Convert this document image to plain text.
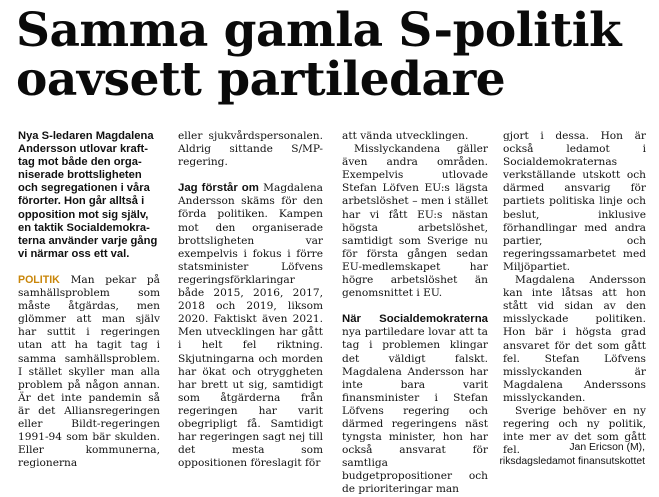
Samma gamla S-politik
oavsett partiledare

Nya S-ledaren Magdalena Andersson utlovar kraft-tag mot både den orga-niserade brottsligheten och segregationen i våra förorter. Hon går alltså i opposition mot sig själv, en taktik Socialdemokra-terna använder varje gång vi närmar oss ett val.

POLITIK Man pekar på samhällsproblem som måste åtgärdas, men glömmer att man själv har suttit i regeringen utan att ha tagit tag i samma samhällsproblem. I stället skyller man alla problem på någon annan. Är det inte pandemin så är det Alliansregeringen eller Bildt-regeringen 1991-94 som bär skulden. Eller kommunerna, regionerna

eller sjukvårdspersonalen. Aldrig sittande S/MP-regering.

Jag förstår om Magdalena Andersson skäms för den förda politiken. Kampen mot den organiserade brottsligheten var exempelvis i fokus i förre statsminister Löfvens regeringsförklaringar både 2015, 2016, 2017, 2018 och 2019, liksom 2020. Faktiskt även 2021. Men utvecklingen har gått i helt fel riktning. Skjutningarna och morden har ökat och otryggheten har brett ut sig, samtidigt som åtgärderna från regeringen har varit obegripligt få. Samtidigt har regeringen sagt nej till det mesta som oppositionen föreslagit för

att vända utvecklingen.

Misslyckandena gäller även andra områden. Exempelvis utlovade Stefan Löfven EU:s lägsta arbetslöshet – men i stället har vi fått EU:s nästan högsta arbetslöshet, samtidigt som Sverige nu för första gången sedan EU-medlemskapet har högre arbetslöshet än genomsnittet i EU.

När Socialdemokraterna nya partiledare lovar att ta tag i problemen klingar det väldigt falskt. Magdalena Andersson har inte bara varit finansminister i Stefan Löfvens regering och därmed regeringens näst tyngsta minister, hon har också ansvarat för samtliga budgetpropositioner och de prioriteringar man

gjort i dessa. Hon är också ledamot i Socialdemokraternas verkställande utskott och därmed ansvarig för partiets politiska linje och beslut, inklusive förhandlingar med andra partier, och regeringssamarbetet med Miljöpartiet.

Magdalena Andersson kan inte låtsas att hon stått vid sidan av den misslyckade politiken. Hon bär i högsta grad ansvaret för det som gått fel. Stefan Löfvens misslyckanden är Magdalena Anderssons misslyckanden.

Sverige behöver en ny regering och ny politik, inte mer av det som gått fel.	Jan Ericson (M),
riksdagsledamot finansutskottet
